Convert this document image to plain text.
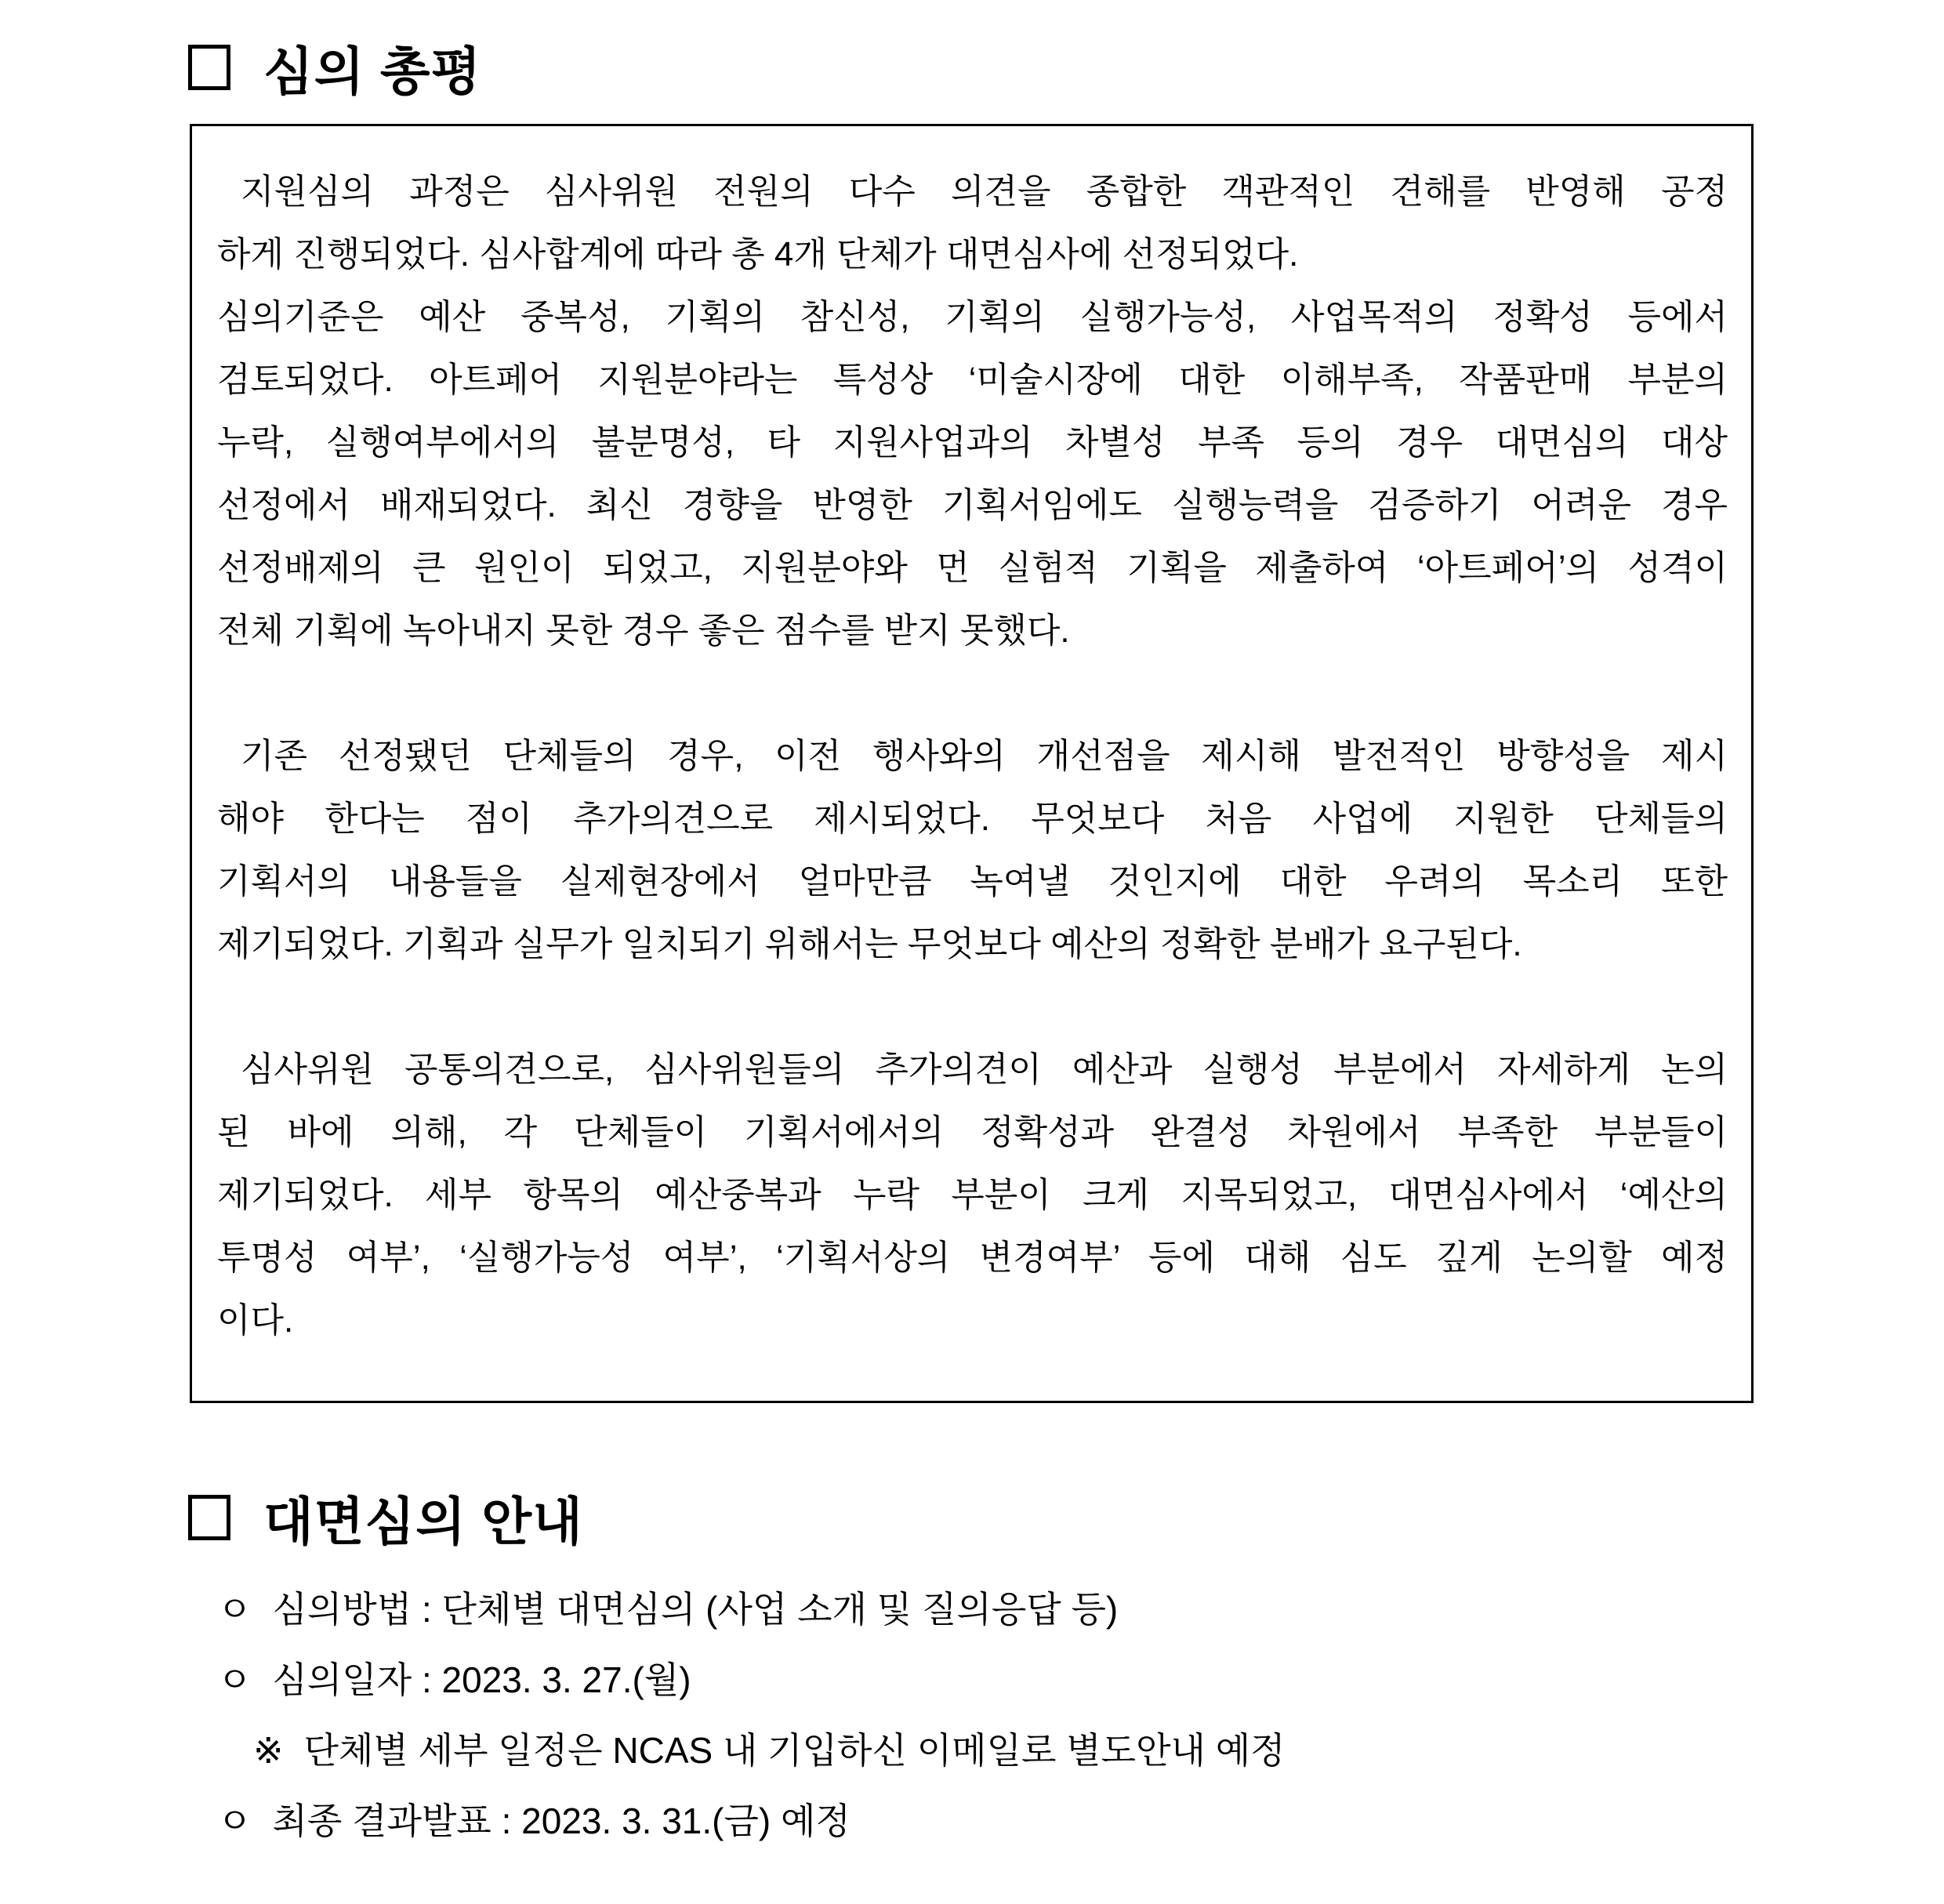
심의 총평
지원심의 과정은 심사위원 전원의 다수 의견을 종합한 객관적인 견해를 반영해 공정
하게 진행되었다. 심사합계에 따라 총 4개 단체가 대면심사에 선정되었다.
심의기준은 예산 중복성, 기획의 참신성, 기획의 실행가능성, 사업목적의 정확성 등에서
검토되었다. 아트페어 지원분야라는 특성상 ‘미술시장에 대한 이해부족, 작품판매 부분의
누락, 실행여부에서의 불분명성, 타 지원사업과의 차별성 부족 등의 경우 대면심의 대상
선정에서 배재되었다. 최신 경향을 반영한 기획서임에도 실행능력을 검증하기 어려운 경우
선정배제의 큰 원인이 되었고, 지원분야와 먼 실험적 기획을 제출하여 ‘아트페어’의 성격이
전체 기획에 녹아내지 못한 경우 좋은 점수를 받지 못했다.
기존 선정됐던 단체들의 경우, 이전 행사와의 개선점을 제시해 발전적인 방향성을 제시
해야 한다는 점이 추가의견으로 제시되었다. 무엇보다 처음 사업에 지원한 단체들의
기획서의 내용들을 실제현장에서 얼마만큼 녹여낼 것인지에 대한 우려의 목소리 또한
제기되었다. 기획과 실무가 일치되기 위해서는 무엇보다 예산의 정확한 분배가 요구된다.
심사위원 공통의견으로, 심사위원들의 추가의견이 예산과 실행성 부분에서 자세하게 논의
된 바에 의해, 각 단체들이 기획서에서의 정확성과 완결성 차원에서 부족한 부분들이
제기되었다. 세부 항목의 예산중복과 누락 부분이 크게 지목되었고, 대면심사에서 ‘예산의
투명성 여부’, ‘실행가능성 여부’, ‘기획서상의 변경여부’ 등에 대해 심도 깊게 논의할 예정
이다.
대면심의 안내
ㅇ 심의방법 : 단체별 대면심의 (사업 소개 및 질의응답 등)
ㅇ 심의일자 : 2023. 3. 27.(월)
※ 단체별 세부 일정은 NCAS 내 기입하신 이메일로 별도안내 예정
ㅇ 최종 결과발표 : 2023. 3. 31.(금) 예정
